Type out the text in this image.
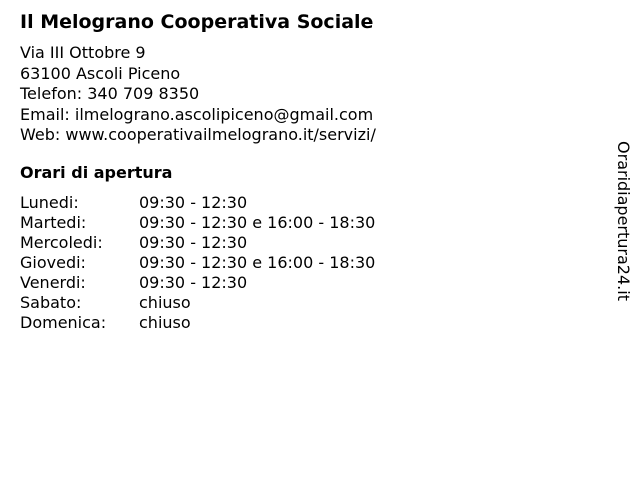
Il Melograno Cooperativa Sociale
Via III Ottobre 9
63100 Ascoli Piceno
Telefon: 340 709 8350
Email: ilmelograno.ascolipiceno@gmail.com
Web: www.cooperativailmelograno.it/servizi/
Orari di apertura
Lunedi:	09:30 - 12:30
Martedi:	09:30 - 12:30 e 16:00 - 18:30
Mercoledi: 09:30 - 12:30
Giovedi:	09:30 - 12:30 e 16:00 - 18:30
Venerdi:	09:30 - 12:30
Sabato:	chiuso
Domenica: chiuso
Oraridiapertura24.it
